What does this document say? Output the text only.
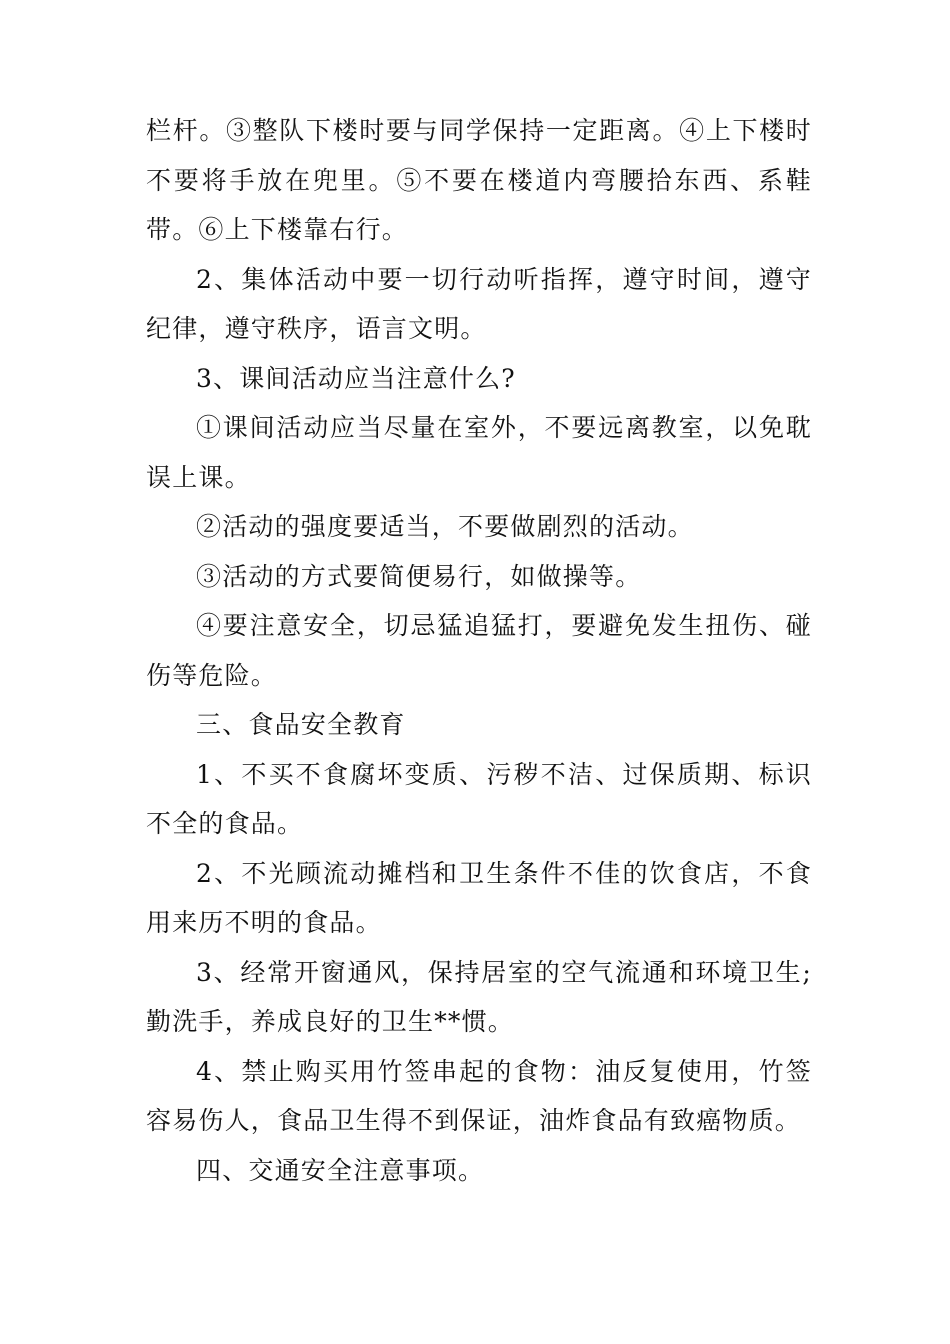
栏杆。③整队下楼时要与同学保持一定距离。④上下楼时不要将手放在兜里。⑤不要在楼道内弯腰拾东西、系鞋带。⑥上下楼靠右行。

2、集体活动中要一切行动听指挥，遵守时间，遵守纪律，遵守秩序，语言文明。

3、课间活动应当注意什么?

①课间活动应当尽量在室外，不要远离教室，以免耽误上课。

②活动的强度要适当，不要做剧烈的活动。

③活动的方式要简便易行，如做操等。

④要注意安全，切忌猛追猛打，要避免发生扭伤、碰伤等危险。

三、食品安全教育

1、不买不食腐坏变质、污秽不洁、过保质期、标识不全的食品。

2、不光顾流动摊档和卫生条件不佳的饮食店，不食用来历不明的食品。

3、经常开窗通风，保持居室的空气流通和环境卫生;勤洗手，养成良好的卫生**惯。

4、禁止购买用竹签串起的食物：油反复使用，竹签容易伤人，食品卫生得不到保证，油炸食品有致癌物质。

四、交通安全注意事项。
